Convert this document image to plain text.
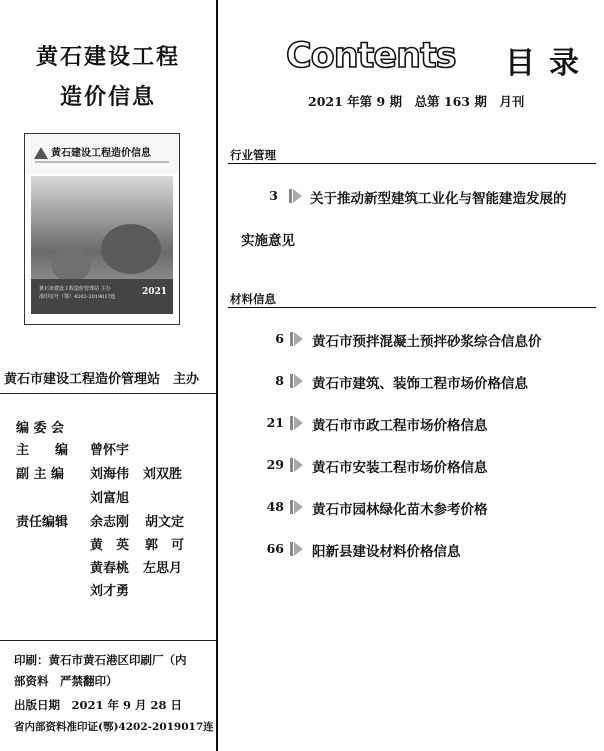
黄石建设工程
造价信息
黄石建设工程造价信息
黄石市建设工程造价管理站 主办
准印证号（鄂）4202-2019017连	2021
黄石市建设工程造价管理站　主办
编 委 会
主　　编 曾怀宇
副 主 编 刘海伟 刘双胜
刘富旭
责任编辑 余志刚 胡文定
黄　英 郭　可
黄春桃 左思月
刘才勇
印刷：黄石市黄石港区印刷厂（内
部资料　严禁翻印）
出版日期　2021 年 9 月 28 日
省内部资料准印证(鄂)4202-2019017连
Contents 目录
2021 年第 9 期　总第 163 期　月刊
行业管理
3 关于推动新型建筑工业化与智能建造发展的
实施意见
材料信息
6 黄石市预拌混凝土预拌砂浆综合信息价
8 黄石市建筑、装饰工程市场价格信息
21 黄石市市政工程市场价格信息
29 黄石市安装工程市场价格信息
48 黄石市园林绿化苗木参考价格
66 阳新县建设材料价格信息
